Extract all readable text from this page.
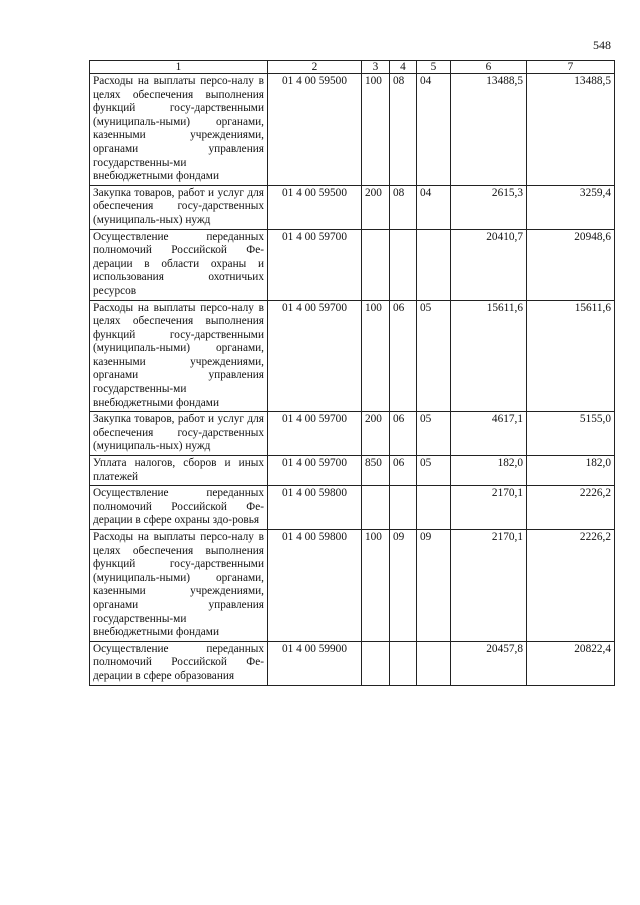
548
1	2	3	4	5	6	7
Расходы на выплаты персо-налу в целях обеспечения выполнения функций госу-дарственными (муниципаль-ными) органами, казенными учреждениями, органами управления государственны-ми внебюджетными фондами	01 4 00 59500	100	08	04	13488,5	13488,5
Закупка товаров, работ и услуг для обеспечения госу-дарственных (муниципаль-ных) нужд	01 4 00 59500	200	08	04	2615,3	3259,4
Осуществление переданных полномочий Российской Фе-дерации в области охраны и использования охотничьих ресурсов	01 4 00 59700				20410,7	20948,6
Расходы на выплаты персо-налу в целях обеспечения выполнения функций госу-дарственными (муниципаль-ными) органами, казенными учреждениями, органами управления государственны-ми внебюджетными фондами	01 4 00 59700	100	06	05	15611,6	15611,6
Закупка товаров, работ и услуг для обеспечения госу-дарственных (муниципаль-ных) нужд	01 4 00 59700	200	06	05	4617,1	5155,0
Уплата налогов, сборов и иных платежей	01 4 00 59700	850	06	05	182,0	182,0
Осуществление переданных полномочий Российской Фе-дерации в сфере охраны здо-ровья	01 4 00 59800				2170,1	2226,2
Расходы на выплаты персо-налу в целях обеспечения выполнения функций госу-дарственными (муниципаль-ными) органами, казенными учреждениями, органами управления государственны-ми внебюджетными фондами	01 4 00 59800	100	09	09	2170,1	2226,2
Осуществление переданных полномочий Российской Фе-дерации в сфере образования	01 4 00 59900				20457,8	20822,4
